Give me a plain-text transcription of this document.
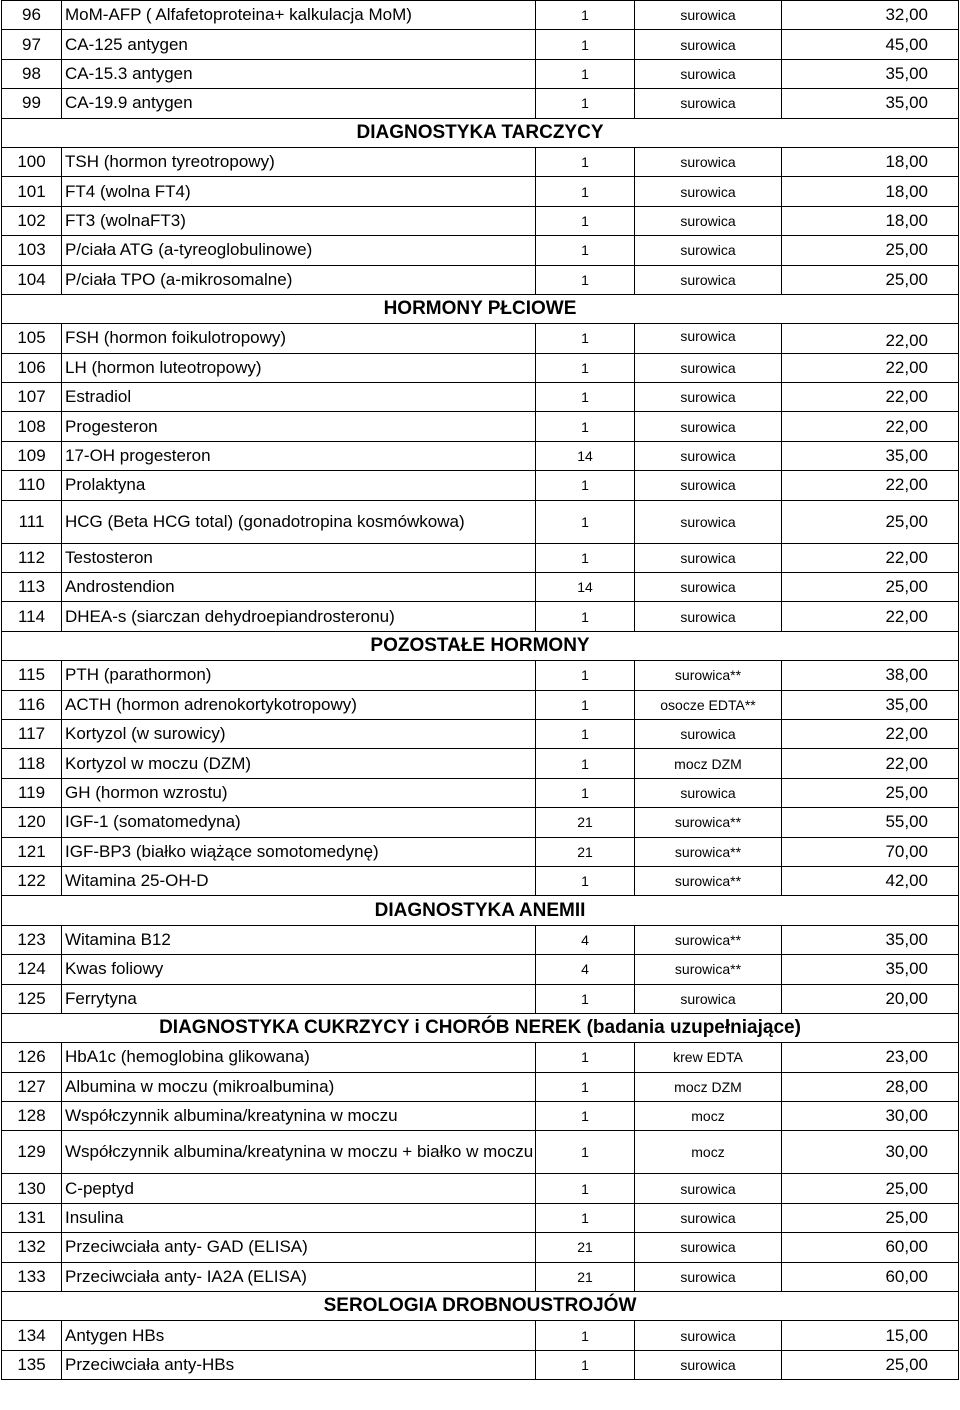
96	MoM-AFP ( Alfafetoproteina+ kalkulacja MoM)	1	surowica	32,00
97	CA-125 antygen	1	surowica	45,00
98	CA-15.3 antygen	1	surowica	35,00
99	CA-19.9 antygen	1	surowica	35,00
DIAGNOSTYKA TARCZYCY				
100	TSH (hormon tyreotropowy)	1	surowica	18,00
101	FT4 (wolna FT4)	1	surowica	18,00
102	FT3 (wolnaFT3)	1	surowica	18,00
103	P/ciała ATG (a-tyreoglobulinowe)	1	surowica	25,00
104	P/ciała TPO (a-mikrosomalne)	1	surowica	25,00
HORMONY PŁCIOWE				
105	FSH (hormon foikulotropowy)	1	surowica	22,00
106	LH (hormon luteotropowy)	1	surowica	22,00
107	Estradiol	1	surowica	22,00
108	Progesteron	1	surowica	22,00
109	17-OH progesteron	14	surowica	35,00
110	Prolaktyna	1	surowica	22,00
111	HCG (Beta HCG total) (gonadotropina kosmówkowa)	1	surowica	25,00
112	Testosteron	1	surowica	22,00
113	Androstendion	14	surowica	25,00
114	DHEA-s (siarczan dehydroepiandrosteronu)	1	surowica	22,00
POZOSTAŁE HORMONY				
115	PTH (parathormon)	1	surowica**	38,00
116	ACTH (hormon adrenokortykotropowy)	1	osocze EDTA**	35,00
117	Kortyzol (w surowicy)	1	surowica	22,00
118	Kortyzol w moczu (DZM)	1	mocz DZM	22,00
119	GH (hormon wzrostu)	1	surowica	25,00
120	IGF-1 (somatomedyna)	21	surowica**	55,00
121	IGF-BP3 (białko wiążące somotomedynę)	21	surowica**	70,00
122	Witamina 25-OH-D	1	surowica**	42,00
DIAGNOSTYKA ANEMII				
123	Witamina B12	4	surowica**	35,00
124	Kwas foliowy	4	surowica**	35,00
125	Ferrytyna	1	surowica	20,00
DIAGNOSTYKA CUKRZYCY i CHORÓB NEREK (badania uzupełniające)				
126	HbA1c (hemoglobina glikowana)	1	krew EDTA	23,00
127	Albumina w moczu (mikroalbumina)	1	mocz DZM	28,00
128	Współczynnik albumina/kreatynina w moczu	1	mocz	30,00
129	Współczynnik albumina/kreatynina w moczu + białko w moczu	1	mocz	30,00
130	C-peptyd	1	surowica	25,00
131	Insulina	1	surowica	25,00
132	Przeciwciała anty- GAD (ELISA)	21	surowica	60,00
133	Przeciwciała anty- IA2A (ELISA)	21	surowica	60,00
SEROLOGIA DROBNOUSTROJÓW				
134	Antygen HBs	1	surowica	15,00
135	Przeciwciała anty-HBs	1	surowica	25,00
